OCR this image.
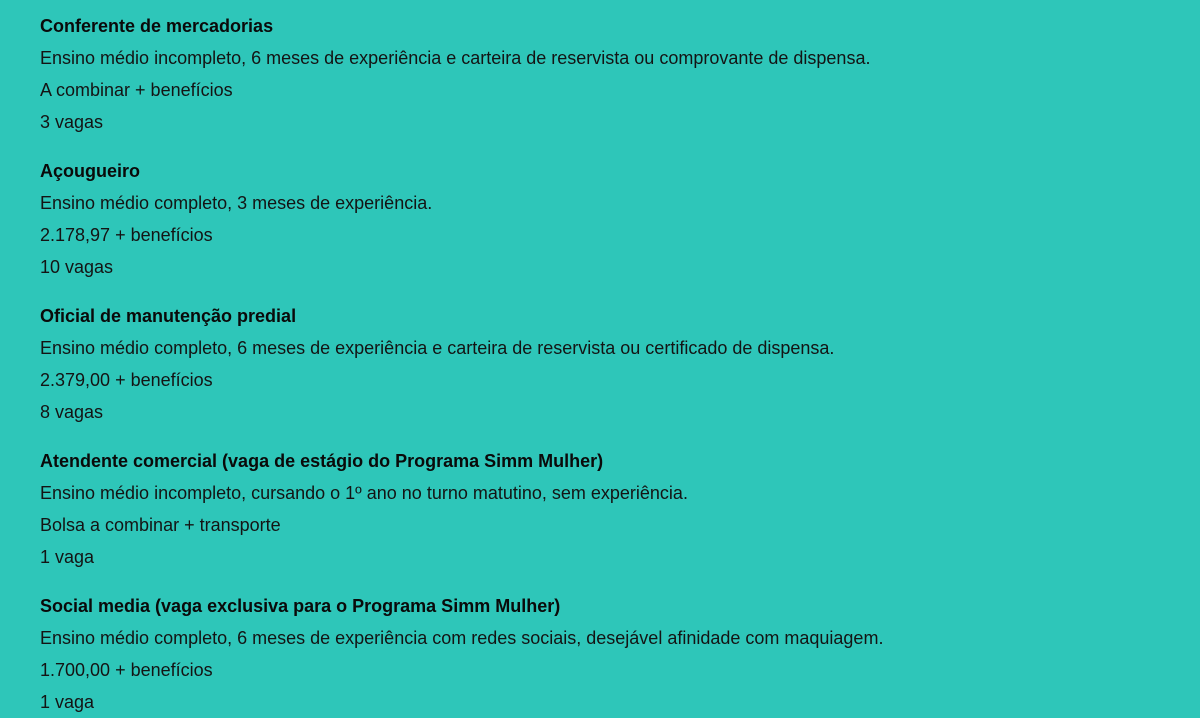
Conferente de mercadorias
Ensino médio incompleto, 6 meses de experiência e carteira de reservista ou comprovante de dispensa.
A combinar + benefícios
3 vagas
Açougueiro
Ensino médio completo, 3 meses de experiência.
2.178,97 + benefícios
10 vagas
Oficial de manutenção predial
Ensino médio completo, 6 meses de experiência e carteira de reservista ou certificado de dispensa.
2.379,00 + benefícios
8 vagas
Atendente comercial (vaga de estágio do Programa Simm Mulher)
Ensino médio incompleto, cursando o 1º ano no turno matutino, sem experiência.
Bolsa a combinar + transporte
1 vaga
Social media (vaga exclusiva para o Programa Simm Mulher)
Ensino médio completo, 6 meses de experiência com redes sociais, desejável afinidade com maquiagem.
1.700,00 + benefícios
1 vaga
